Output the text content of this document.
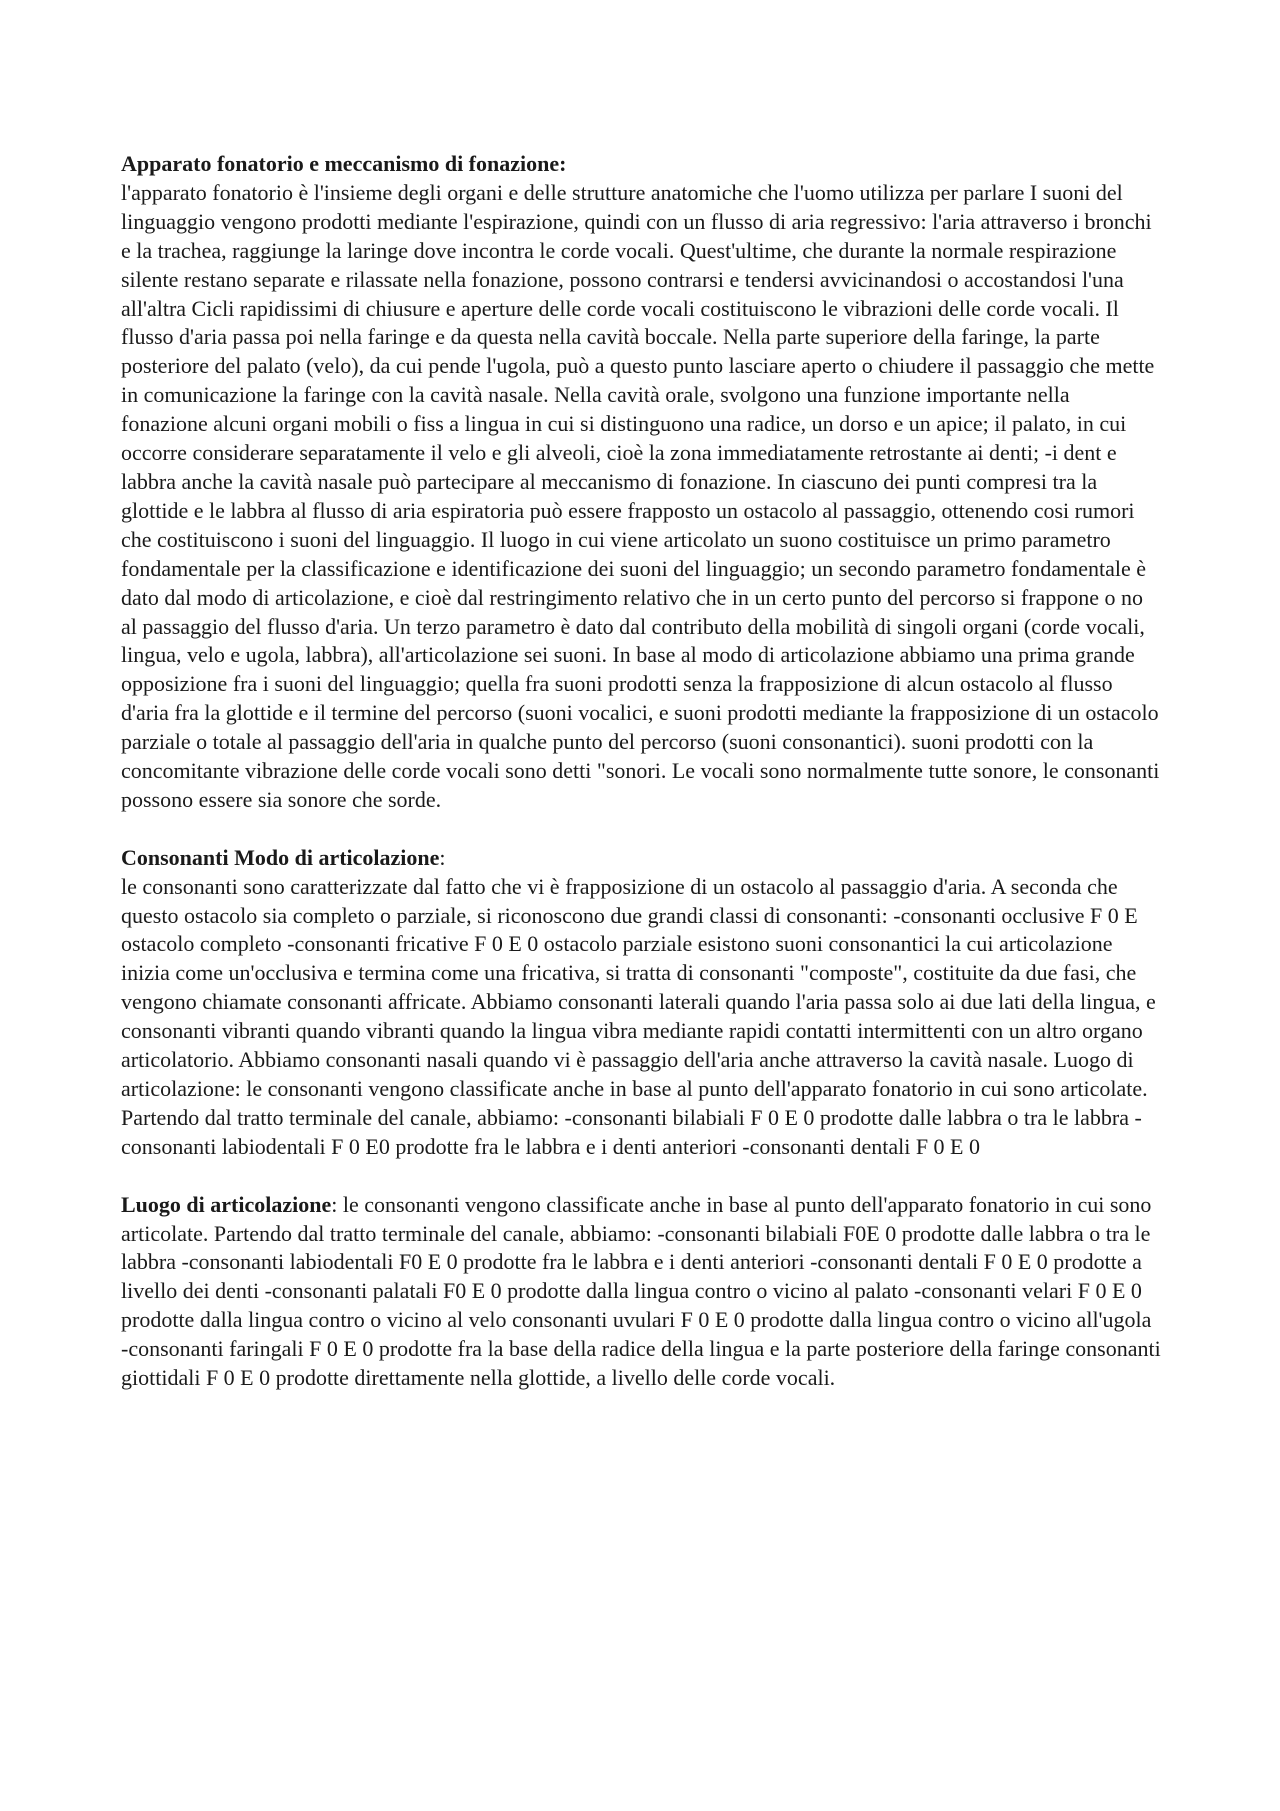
Apparato fonatorio e meccanismo di fonazione:
l'apparato fonatorio è l'insieme degli organi e delle strutture anatomiche che l'uomo utilizza per parlare I suoni del linguaggio vengono prodotti mediante l'espirazione, quindi con un flusso di aria regressivo: l'aria attraverso i bronchi e la trachea, raggiunge la laringe dove incontra le corde vocali. Quest'ultime, che durante la normale respirazione silente restano separate e rilassate nella fonazione, possono contrarsi e tendersi avvicinandosi o accostandosi l'una all'altra Cicli rapidissimi di chiusure e aperture delle corde vocali costituiscono le vibrazioni delle corde vocali. Il flusso d'aria passa poi nella faringe e da questa nella cavità boccale. Nella parte superiore della faringe, la parte posteriore del palato (velo), da cui pende l'ugola, può a questo punto lasciare aperto o chiudere il passaggio che mette in comunicazione la faringe con la cavità nasale. Nella cavità orale, svolgono una funzione importante nella fonazione alcuni organi mobili o fiss a lingua in cui si distinguono una radice, un dorso e un apice; il palato, in cui occorre considerare separatamente il velo e gli alveoli, cioè la zona immediatamente retrostante ai denti; -i dent e labbra anche la cavità nasale può partecipare al meccanismo di fonazione. In ciascuno dei punti compresi tra la glottide e le labbra al flusso di aria espiratoria può essere frapposto un ostacolo al passaggio, ottenendo cosi rumori che costituiscono i suoni del linguaggio. Il luogo in cui viene articolato un suono costituisce un primo parametro fondamentale per la classificazione e identificazione dei suoni del linguaggio; un secondo parametro fondamentale è dato dal modo di articolazione, e cioè dal restringimento relativo che in un certo punto del percorso si frappone o no al passaggio del flusso d'aria. Un terzo parametro è dato dal contributo della mobilità di singoli organi (corde vocali, lingua, velo e ugola, labbra), all'articolazione sei suoni. In base al modo di articolazione abbiamo una prima grande opposizione fra i suoni del linguaggio; quella fra suoni prodotti senza la frapposizione di alcun ostacolo al flusso d'aria fra la glottide e il termine del percorso (suoni vocalici, e suoni prodotti mediante la frapposizione di un ostacolo parziale o totale al passaggio dell'aria in qualche punto del percorso (suoni consonantici). suoni prodotti con la concomitante vibrazione delle corde vocali sono detti "sonori. Le vocali sono normalmente tutte sonore, le consonanti possono essere sia sonore che sorde.

Consonanti Modo di articolazione:
le consonanti sono caratterizzate dal fatto che vi è frapposizione di un ostacolo al passaggio d'aria. A seconda che questo ostacolo sia completo o parziale, si riconoscono due grandi classi di consonanti: -consonanti occlusive F 0 E ostacolo completo -consonanti fricative F 0 E 0 ostacolo parziale esistono suoni consonantici la cui articolazione inizia come un'occlusiva e termina come una fricativa, si tratta di consonanti "composte", costituite da due fasi, che vengono chiamate consonanti affricate. Abbiamo consonanti laterali quando l'aria passa solo ai due lati della lingua, e consonanti vibranti quando vibranti quando la lingua vibra mediante rapidi contatti intermittenti con un altro organo articolatorio. Abbiamo consonanti nasali quando vi è passaggio dell'aria anche attraverso la cavità nasale. Luogo di articolazione: le consonanti vengono classificate anche in base al punto dell'apparato fonatorio in cui sono articolate. Partendo dal tratto terminale del canale, abbiamo: -consonanti bilabiali F 0 E 0 prodotte dalle labbra o tra le labbra -consonanti labiodentali F 0 E0 prodotte fra le labbra e i denti anteriori -consonanti dentali F 0 E 0

Luogo di articolazione: le consonanti vengono classificate anche in base al punto dell'apparato fonatorio in cui sono articolate. Partendo dal tratto terminale del canale, abbiamo: -consonanti bilabiali F0E 0 prodotte dalle labbra o tra le labbra -consonanti labiodentali F0 E 0 prodotte fra le labbra e i denti anteriori -consonanti dentali F 0 E 0 prodotte a livello dei denti -consonanti palatali F0 E 0 prodotte dalla lingua contro o vicino al palato -consonanti velari F 0 E 0 prodotte dalla lingua contro o vicino al velo consonanti uvulari F 0 E 0 prodotte dalla lingua contro o vicino all'ugola -consonanti faringali F 0 E 0 prodotte fra la base della radice della lingua e la parte posteriore della faringe consonanti giottidali F 0 E 0 prodotte direttamente nella glottide, a livello delle corde vocali.
